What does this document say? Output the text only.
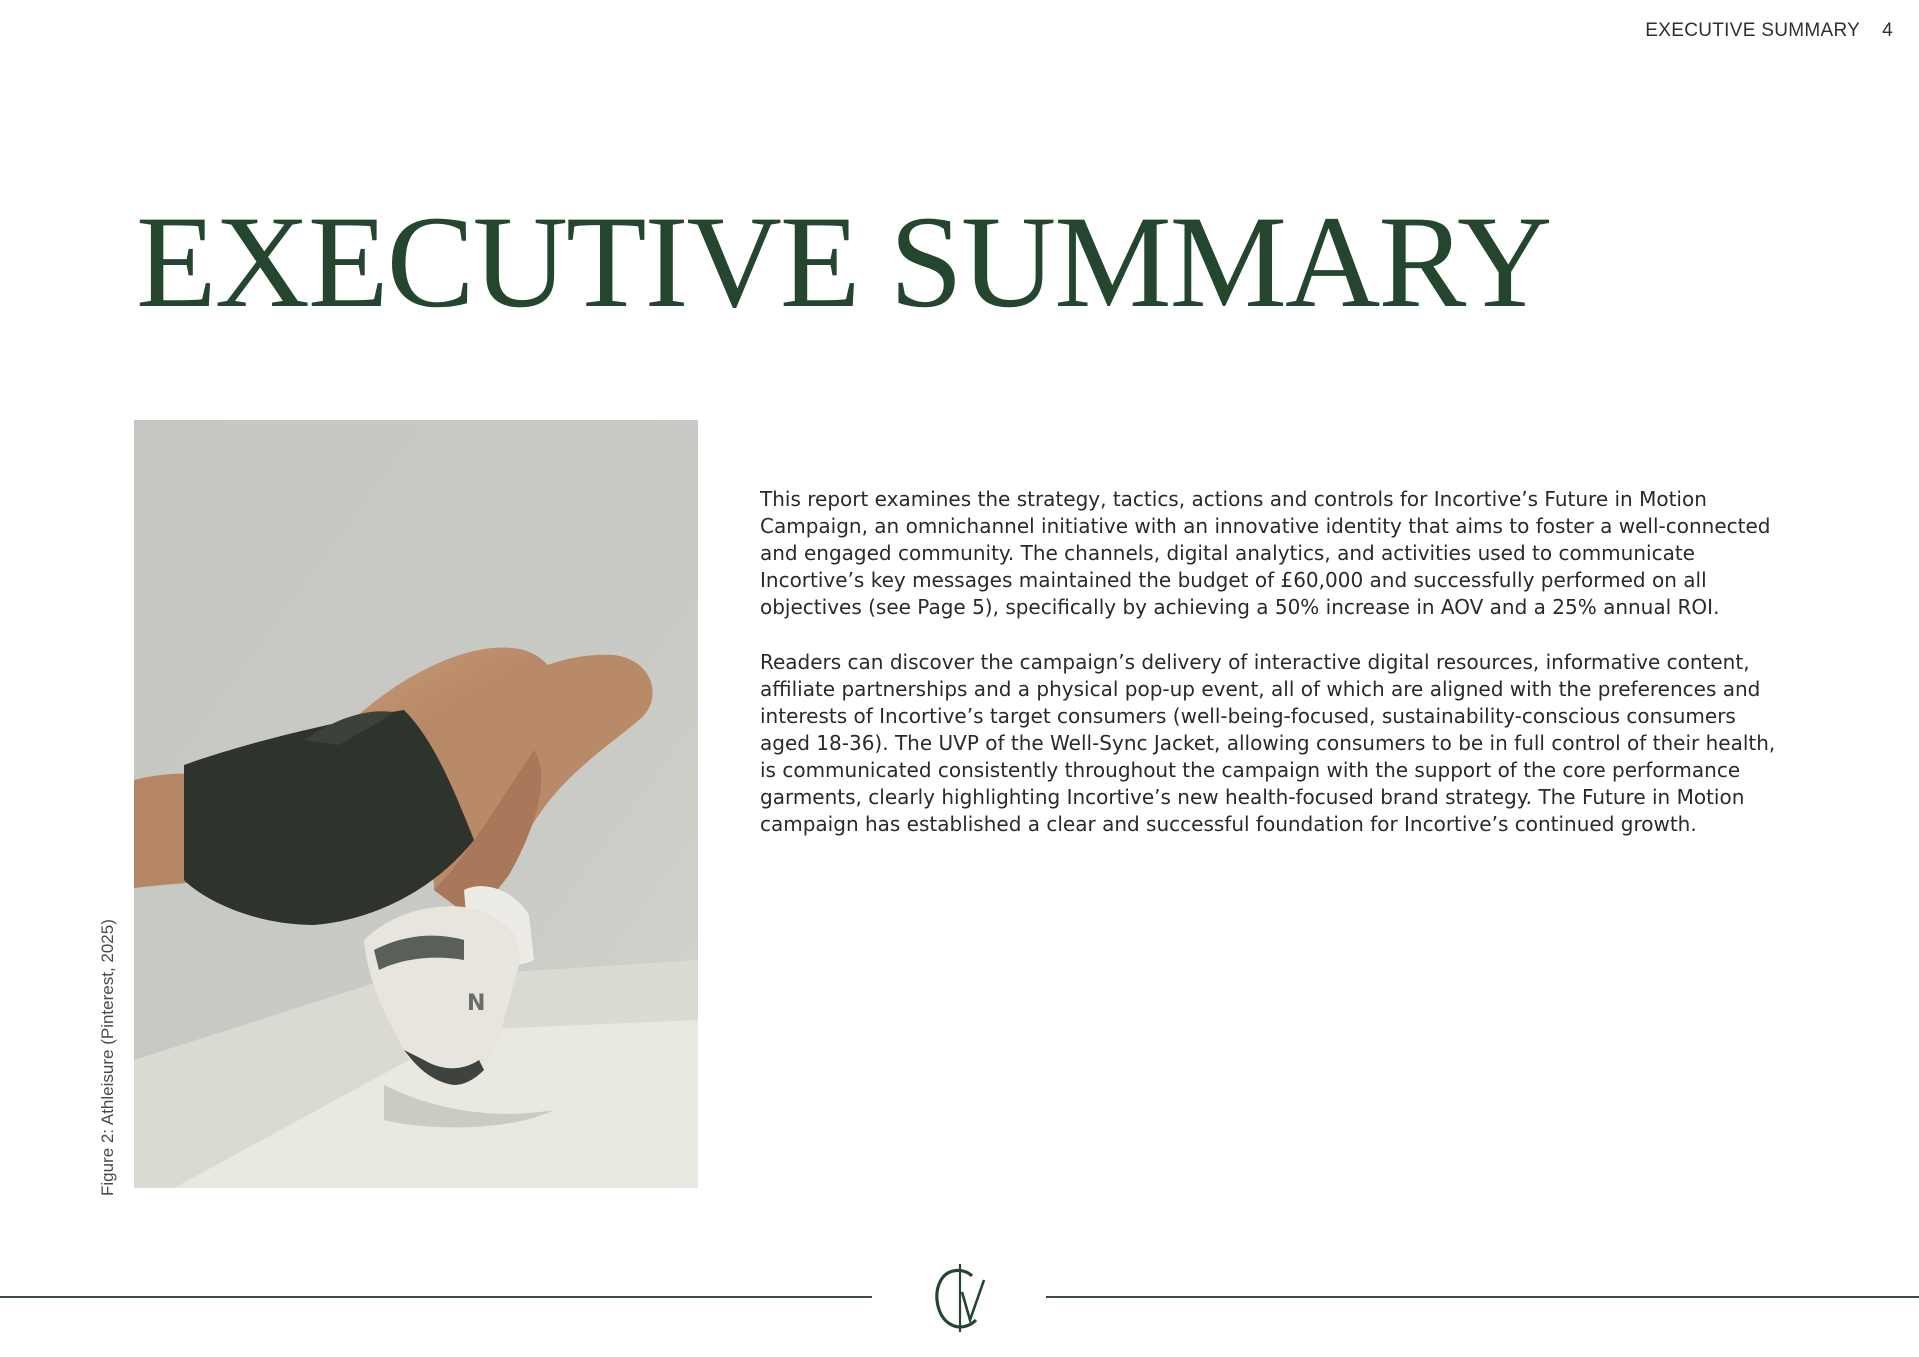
EXECUTIVE SUMMARY 4
EXECUTIVE SUMMARY
N
Figure 2: Athleisure (Pinterest, 2025)

This report examines the strategy, tactics, actions and controls for Incortive’s Future in Motion Campaign, an omnichannel initiative with an innovative identity that aims to foster a well-connected and engaged community. The channels, digital analytics, and activities used to communicate Incortive’s key messages maintained the budget of £60,000 and successfully performed on all objectives (see Page 5), specifically by achieving a 50% increase in AOV and a 25% annual ROI.

Readers can discover the campaign’s delivery of interactive digital resources, informative content, affiliate partnerships and a physical pop-up event, all of which are aligned with the preferences and interests of Incortive’s target consumers (well-being-focused, sustainability-conscious consumers aged 18-36). The UVP of the Well-Sync Jacket, allowing consumers to be in full control of their health, is communicated consistently throughout the campaign with the support of the core performance garments, clearly highlighting Incortive’s new health-focused brand strategy. The Future in Motion campaign has established a clear and successful foundation for Incortive’s continued growth.
